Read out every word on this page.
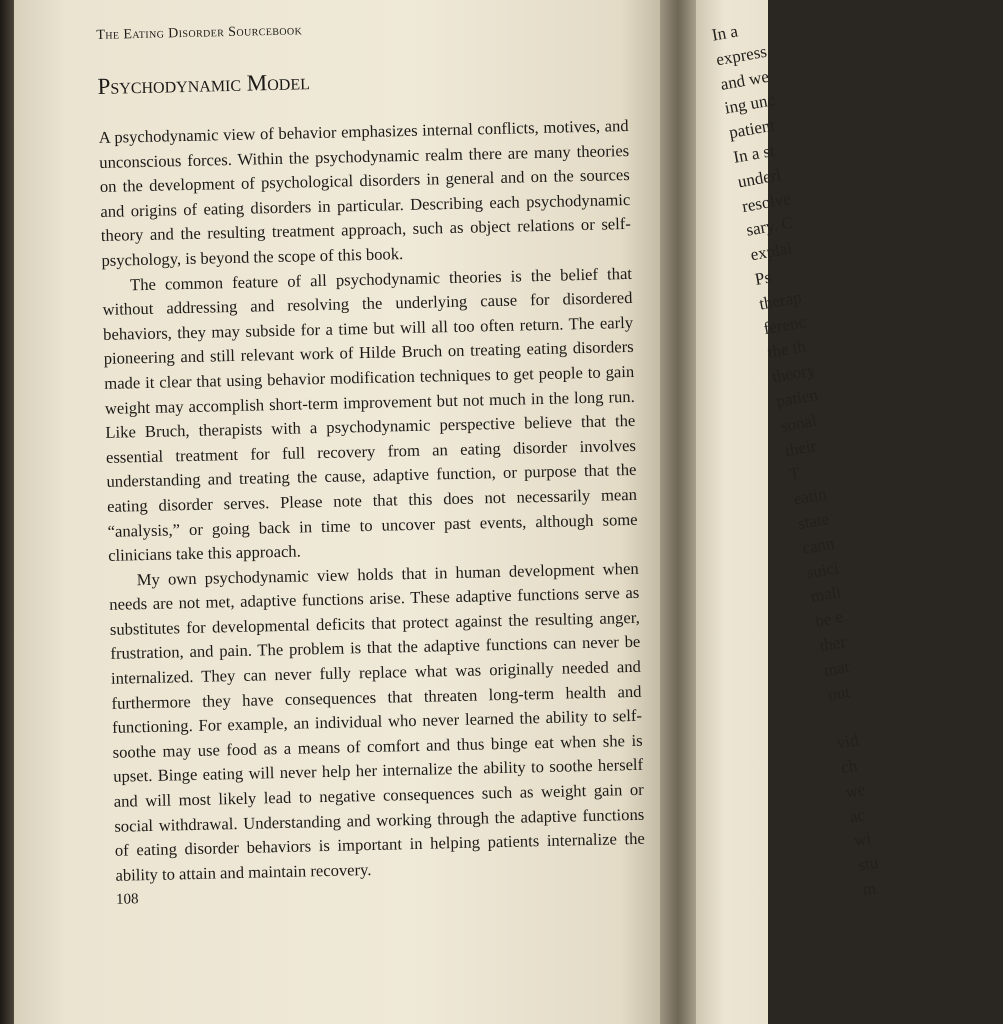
The Eating Disorder Sourcebook
Psychodynamic Model

A psychodynamic view of behavior emphasizes internal conflicts, motives, and unconscious forces. Within the psychodynamic realm there are many theories on the development of psychological disorders in general and on the sources and origins of eating disorders in particular. Describing each psychodynamic theory and the resulting treatment approach, such as object relations or self-psychology, is beyond the scope of this book.

The common feature of all psychodynamic theories is the belief that without addressing and resolving the underlying cause for disordered behaviors, they may subside for a time but will all too often return. The early pioneering and still relevant work of Hilde Bruch on treating eating disorders made it clear that using behavior modification techniques to get people to gain weight may accomplish short-term improvement but not much in the long run. Like Bruch, therapists with a psychodynamic perspective believe that the essential treatment for full recovery from an eating disorder involves understanding and treating the cause, adaptive function, or purpose that the eating disorder serves. Please note that this does not necessarily mean “analysis,” or going back in time to uncover past events, although some clinicians take this approach.

My own psychodynamic view holds that in human development when needs are not met, adaptive functions arise. These adaptive functions serve as substitutes for developmental deficits that protect against the resulting anger, frustration, and pain. The problem is that the adaptive functions can never be internalized. They can never fully replace what was originally needed and furthermore they have consequences that threaten long-term health and functioning. For example, an individual who never learned the ability to self-soothe may use food as a means of comfort and thus binge eat when she is upset. Binge eating will never help her internalize the ability to soothe herself and will most likely lead to negative consequences such as weight gain or social withdrawal. Understanding and working through the adaptive functions of eating disorder behaviors is important in helping patients internalize the ability to attain and maintain recovery.

108
In a
express
and we
ing unc
patient
In a st
underl
resolve
sary. C
explai
Ps
therap
ferenc
the th
theory
patien
sonal
their
T
eatin
state
cann
suici
mali
be e
ther
mat
out
vid
ch
we
ac
wi
stu
m
